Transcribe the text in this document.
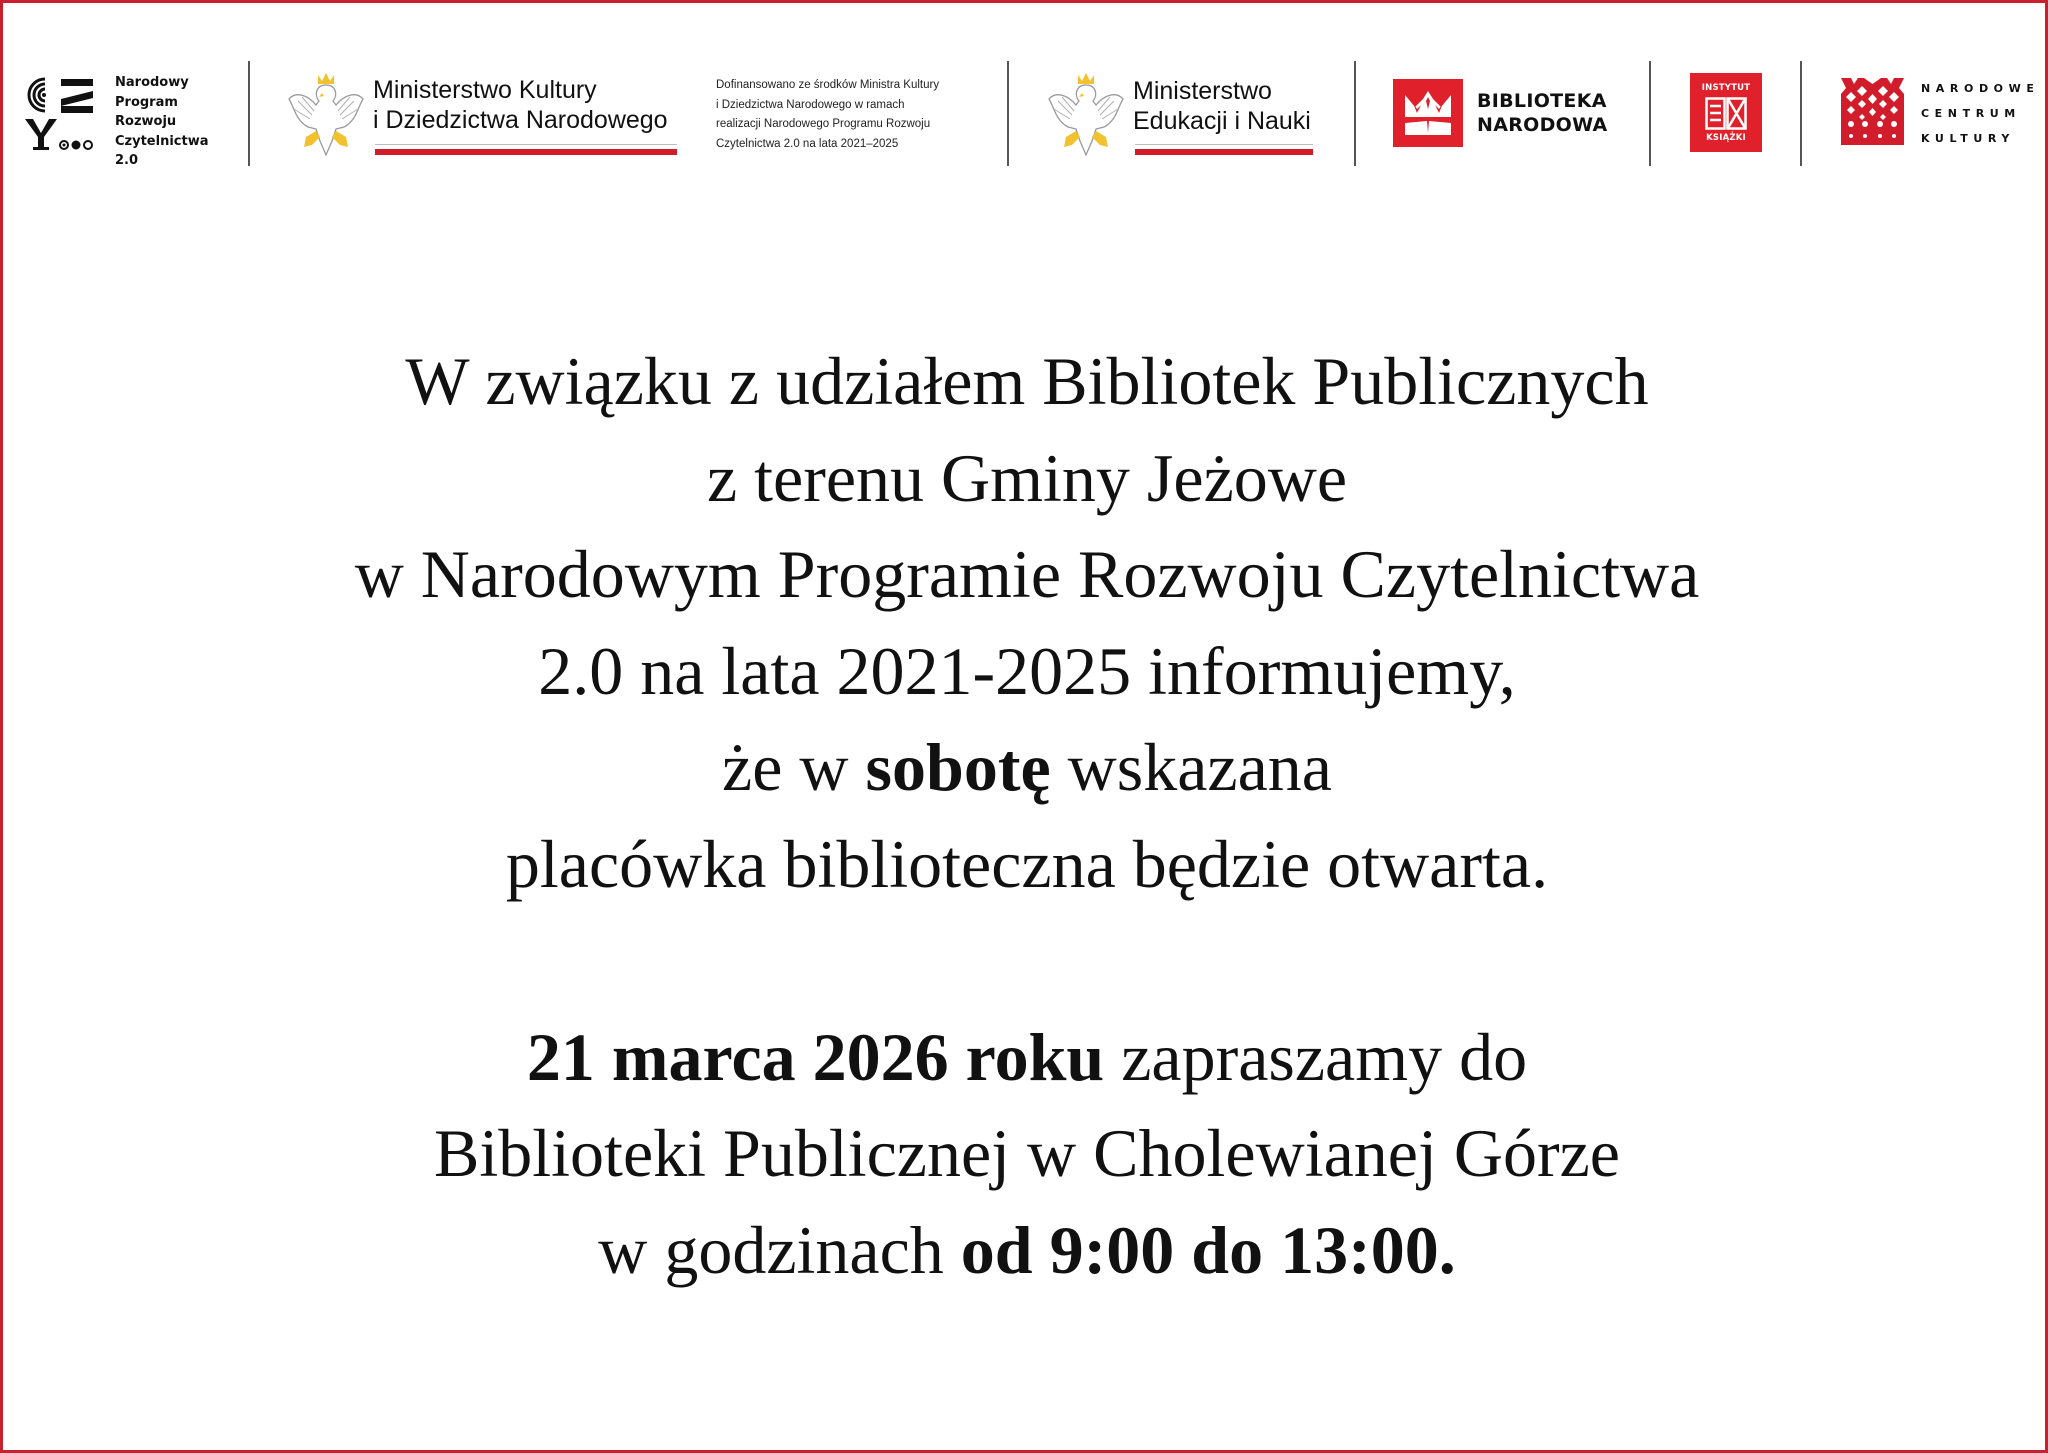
Narodowy
Program
Rozwoju
Czytelnictwa
2.0
Ministerstwo Kultury
i Dziedzictwa Narodowego
Dofinansowano ze środków Ministra Kultury
i Dziedzictwa Narodowego w ramach
realizacji Narodowego Programu Rozwoju
Czytelnictwa 2.0 na lata 2021–2025
Ministerstwo
Edukacji i Nauki
BIBLIOTEKA
NARODOWA
INSTYTUT
KSIĄŻKI
NARODOWE
CENTRUM
KULTURY
W związku z udziałem Bibliotek Publicznych
z terenu Gminy Jeżowe
w Narodowym Programie Rozwoju Czytelnictwa
2.0 na lata 2021-2025 informujemy,
że w sobotę wskazana
placówka biblioteczna będzie otwarta.
21 marca 2026 roku zapraszamy do
Biblioteki Publicznej w Cholewianej Górze
w godzinach od 9:00 do 13:00.
